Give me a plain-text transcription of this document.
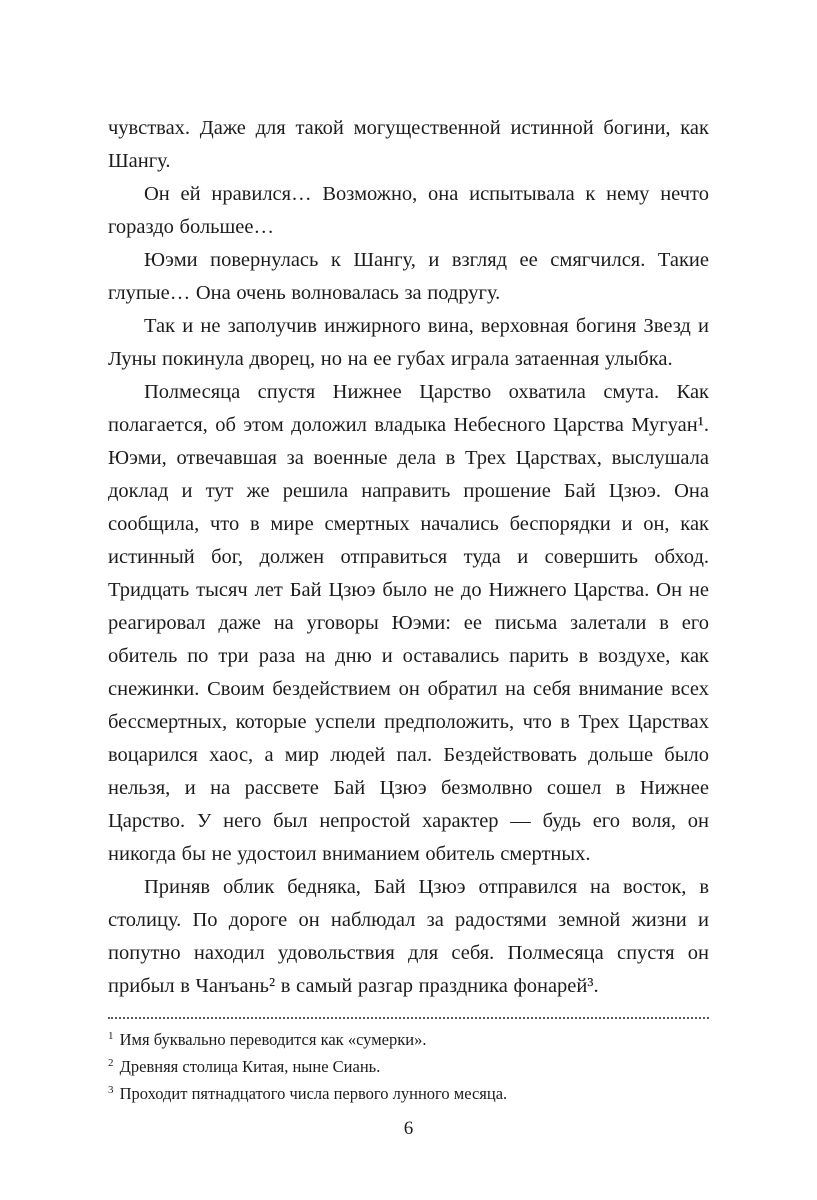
чувствах. Даже для такой могущественной истинной богини, как Шангу.

Он ей нравился… Возможно, она испытывала к нему нечто гораздо большее…

Юэми повернулась к Шангу, и взгляд ее смягчился. Такие глупые… Она очень волновалась за подругу.

Так и не заполучив инжирного вина, верховная богиня Звезд и Луны покинула дворец, но на ее губах играла затаенная улыбка.

Полмесяца спустя Нижнее Царство охватила смута. Как полагается, об этом доложил владыка Небесного Царства Мугуан¹. Юэми, отвечавшая за военные дела в Трех Царствах, выслушала доклад и тут же решила направить прошение Бай Цзюэ. Она сообщила, что в мире смертных начались беспорядки и он, как истинный бог, должен отправиться туда и совершить обход. Тридцать тысяч лет Бай Цзюэ было не до Нижнего Царства. Он не реагировал даже на уговоры Юэми: ее письма залетали в его обитель по три раза на дню и оставались парить в воздухе, как снежинки. Своим бездействием он обратил на себя внимание всех бессмертных, которые успели предположить, что в Трех Царствах воцарился хаос, а мир людей пал. Бездействовать дольше было нельзя, и на рассвете Бай Цзюэ безмолвно сошел в Нижнее Царство. У него был непростой характер — будь его воля, он никогда бы не удостоил вниманием обитель смертных.

Приняв облик бедняка, Бай Цзюэ отправился на восток, в столицу. По дороге он наблюдал за радостями земной жизни и попутно находил удовольствия для себя. Полмесяца спустя он прибыл в Чанъань² в самый разгар праздника фонарей³.

$^1$ Имя буквально переводится как «сумерки».

$^2$ Древняя столица Китая, ныне Сиань.

$^3$ Проходит пятнадцатого числа первого лунного месяца.

6
